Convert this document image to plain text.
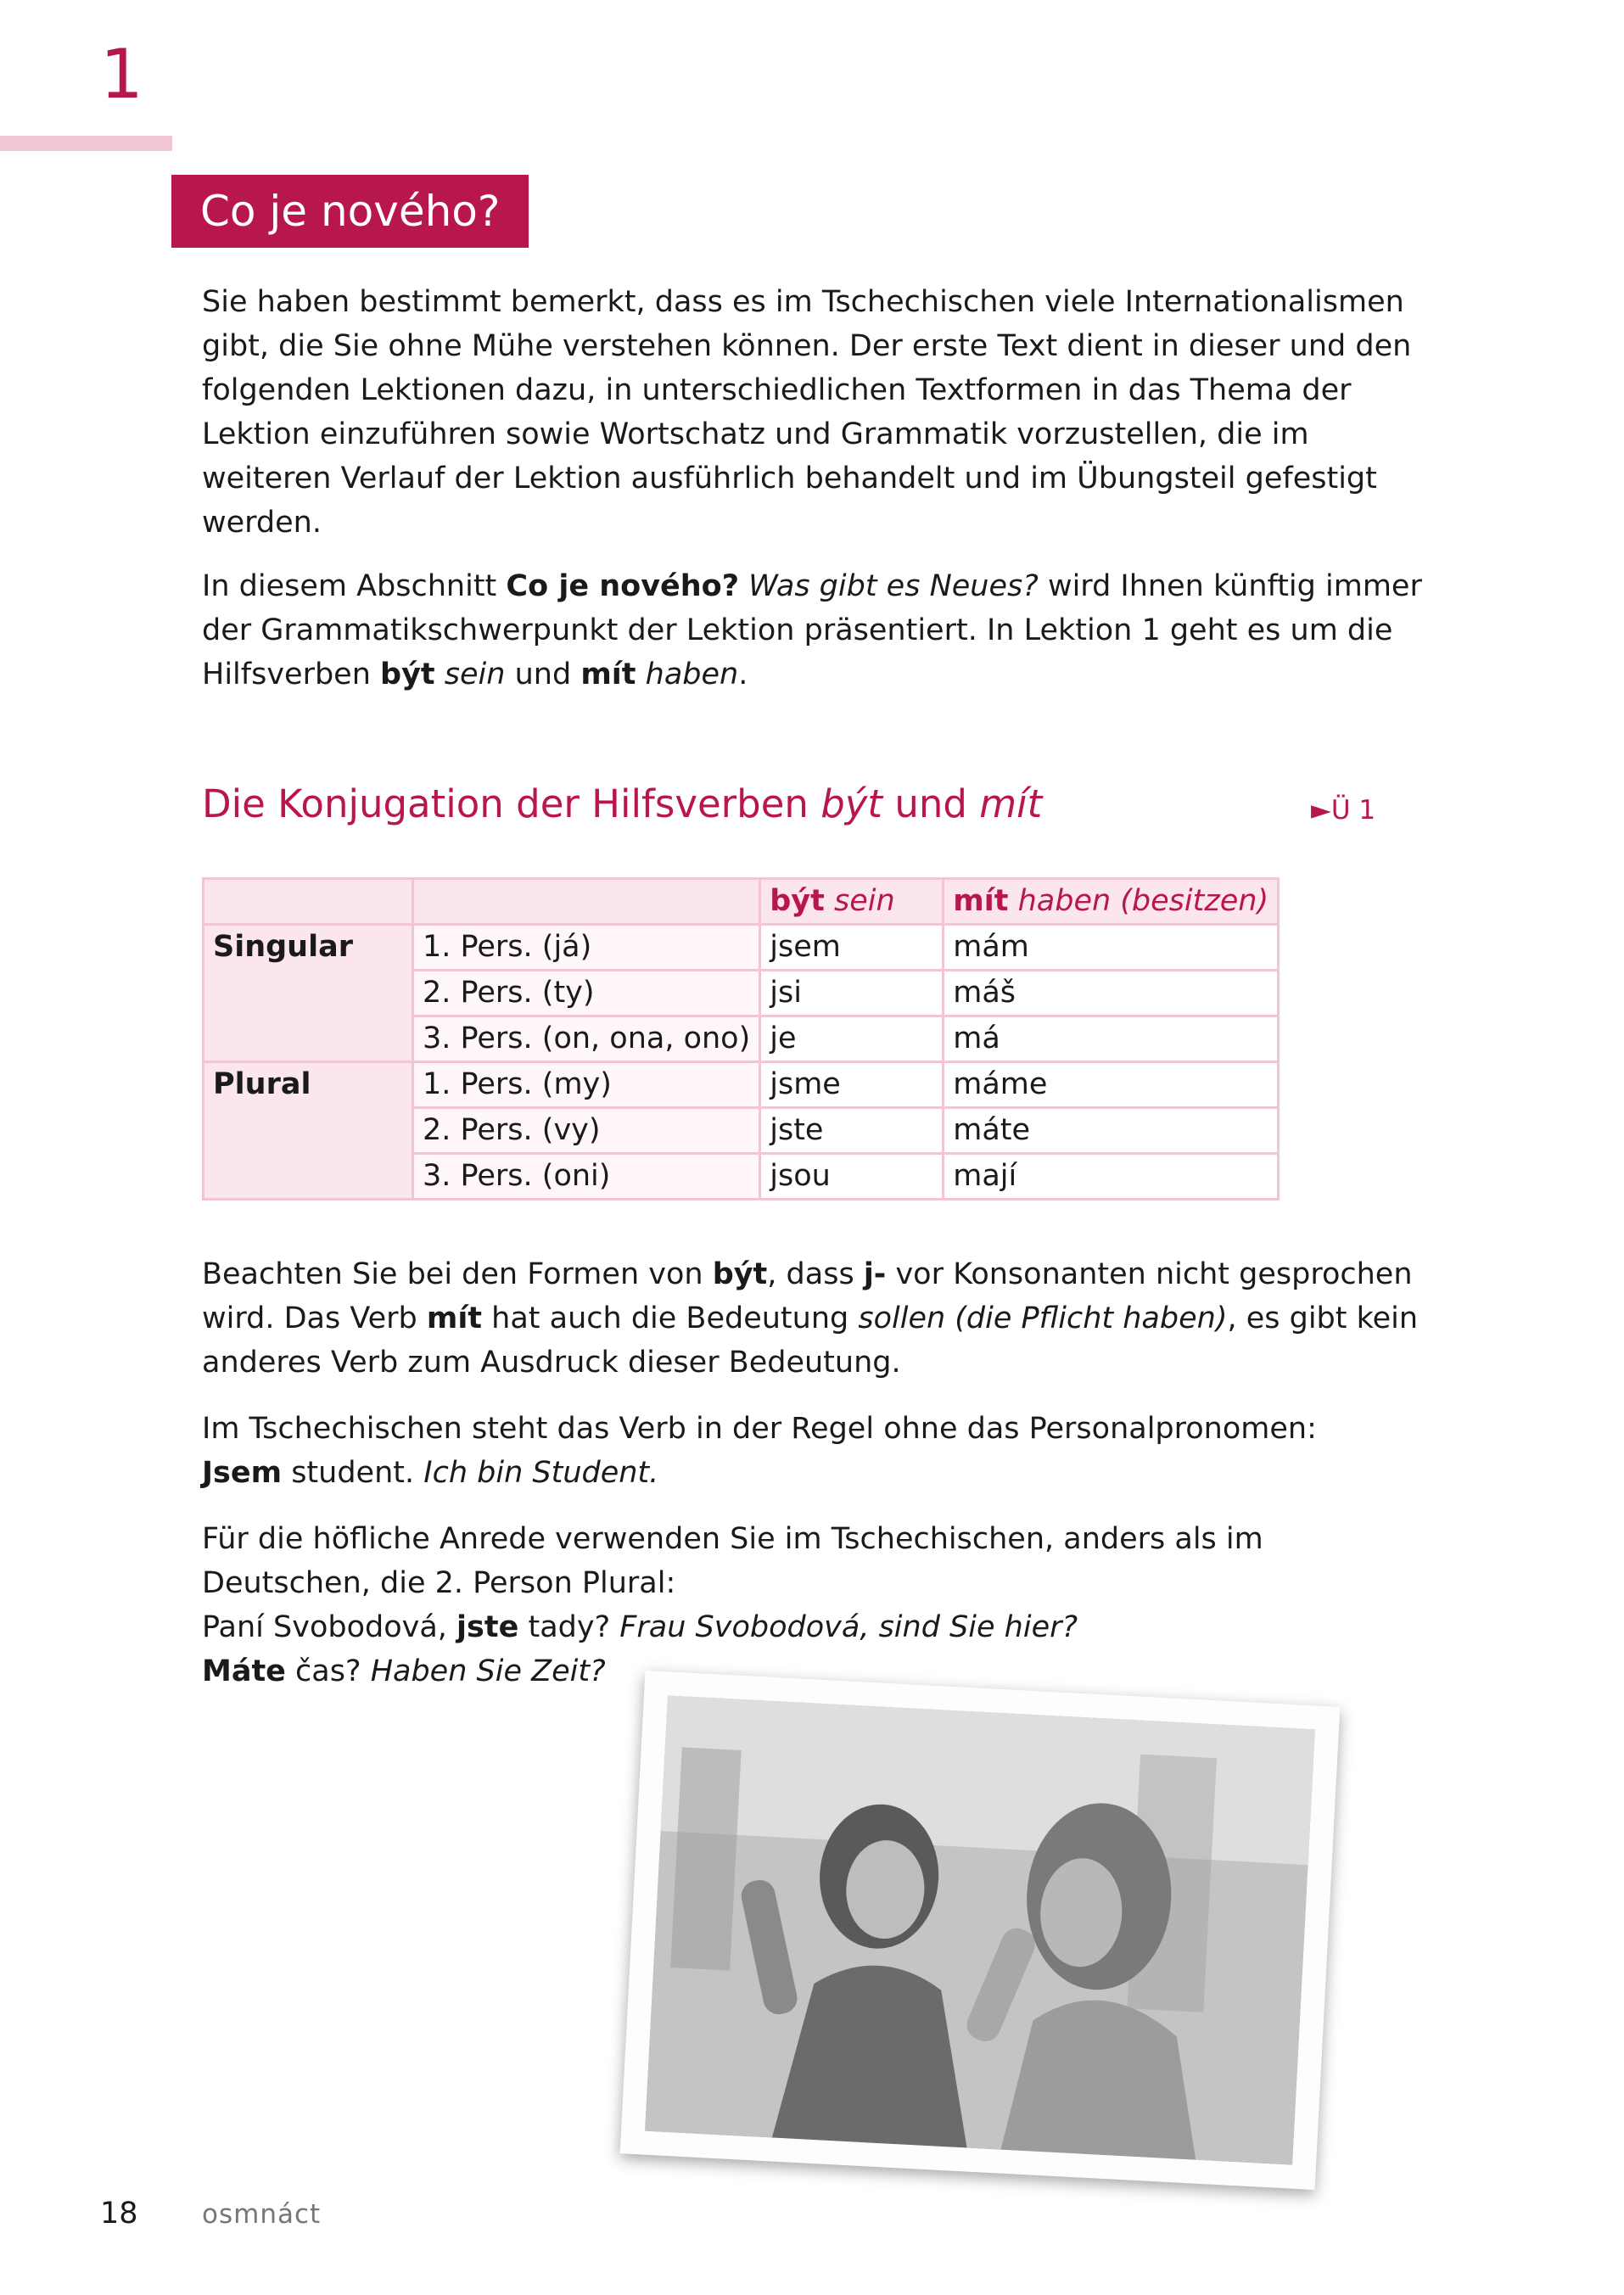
1
Co je nového?

Sie haben bestimmt bemerkt, dass es im Tschechischen viele Internationalismen gibt, die Sie ohne Mühe verstehen können. Der erste Text dient in dieser und den folgenden Lektionen dazu, in unterschiedlichen Textformen in das Thema der Lektion einzuführen sowie Wortschatz und Grammatik vorzustellen, die im weiteren Verlauf der Lektion ausführlich behandelt und im Übungsteil gefestigt werden.

In diesem Abschnitt Co je nového? Was gibt es Neues? wird Ihnen künftig immer der Grammatikschwerpunkt der Lektion präsentiert. In Lektion 1 geht es um die Hilfsverben být sein und mít haben.

Die Konjugation der Hilfsverben být und mít	►Ü 1
		být sein	mít haben (besitzen)
Singular	1. Pers. (já)	jsem	mám
	2. Pers. (ty)	jsi	máš
	3. Pers. (on, ona, ono)	je	má
Plural	1. Pers. (my)	jsme	máme
	2. Pers. (vy)	jste	máte
	3. Pers. (oni)	jsou	mají

Beachten Sie bei den Formen von být, dass j- vor Konsonanten nicht gesprochen wird. Das Verb mít hat auch die Bedeutung sollen (die Pflicht haben), es gibt kein anderes Verb zum Ausdruck dieser Bedeutung.

Im Tschechischen steht das Verb in der Regel ohne das Personalpronomen:
Jsem student. Ich bin Student.

Für die höfliche Anrede verwenden Sie im Tschechischen, anders als im Deutschen, die 2. Person Plural:
Paní Svobodová, jste tady? Frau Svobodová, sind Sie hier?
Máte čas? Haben Sie Zeit?

18 osmnáct
